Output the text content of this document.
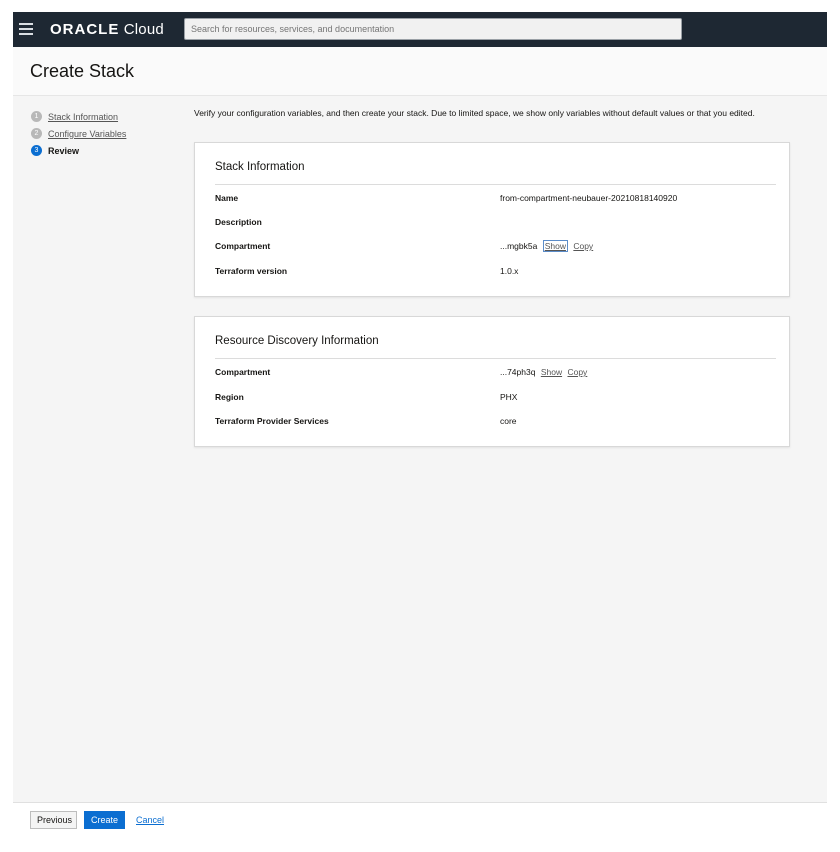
ORACLE Cloud
Search for resources, services, and documentation
Create Stack
1	Stack Information
2	Configure Variables
3	Review
Verify your configuration variables, and then create your stack. Due to limited space, we show only variables without default values or that you edited.
Stack Information
Name	from-compartment-neubauer-20210818140920
Description
Compartment	...mgbk5a Show Copy
Terraform version	1.0.x
Resource Discovery Information
Compartment	...74ph3q Show Copy
Region	PHX
Terraform Provider Services	core
Previous	Create	Cancel
